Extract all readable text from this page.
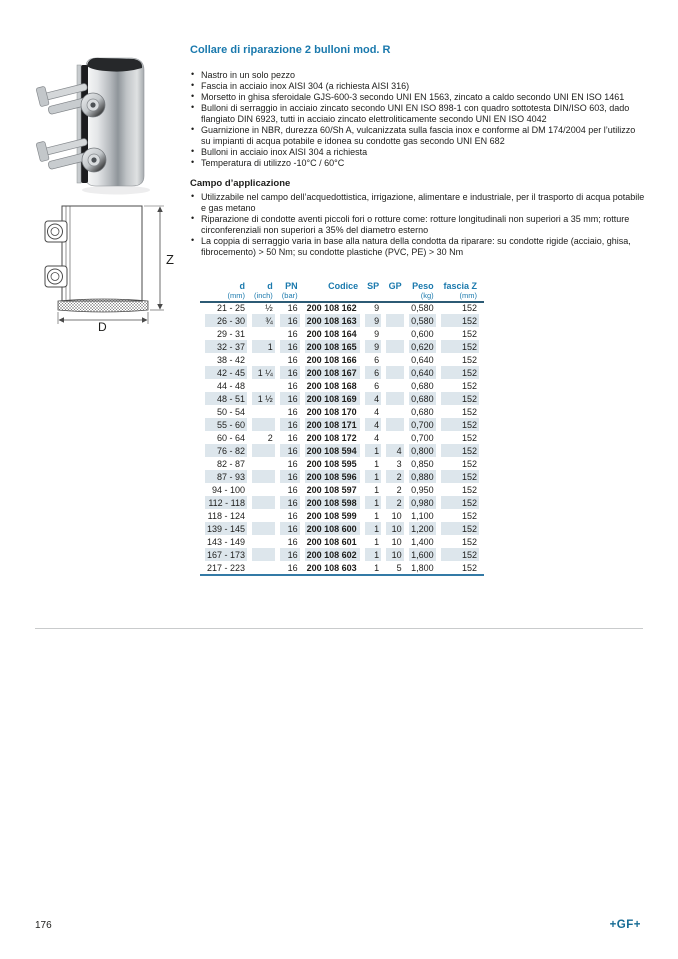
Z
D
Collare di riparazione 2 bulloni mod. R
• Nastro in un solo pezzo
• Fascia in acciaio inox AISI 304 (a richiesta AISI 316)
• Morsetto in ghisa sferoidale GJS-600-3 secondo UNI EN 1563, zincato a caldo secondo UNI EN ISO 1461
• Bulloni di serraggio in acciaio zincato secondo UNI EN ISO 898-1 con quadro sottotesta DIN/ISO 603, dado flangiato DIN 6923, tutti in acciaio zincato elettroliticamente secondo UNI EN ISO 4042
• Guarnizione in NBR, durezza 60/Sh A, vulcanizzata sulla fascia inox e conforme al DM 174/2004 per l’utilizzo su impianti di acqua potabile e idonea su condotte gas secondo UNI EN 682
• Bulloni in acciaio inox AISI 304 a richiesta
• Temperatura di utilizzo -10°C / 60°C
Campo d’applicazione
• Utilizzabile nel campo dell’acquedottistica, irrigazione, alimentare e industriale, per il trasporto di acqua potabile e gas metano
• Riparazione di condotte aventi piccoli fori o rotture come: rotture longitudinali non superiori a 35 mm; rotture circonferenziali non superiori a 35% del diametro esterno
• La coppia di serraggio varia in base alla natura della condotta da riparare: su condotte rigide (acciaio, ghisa, fibrocemento) > 50 Nm; su condotte plastiche (PVC, PE) > 30 Nm
d	d	PN	Codice	SP	GP	Peso	fascia Z
(mm)	(inch)	(bar)				(kg)	(mm)
21 - 25	½	16	200 108 162	9		0,580	152
26 - 30	¾	16	200 108 163	9		0,580	152
29 - 31		16	200 108 164	9		0,600	152
32 - 37	1	16	200 108 165	9		0,620	152
38 - 42		16	200 108 166	6		0,640	152
42 - 45	1 ¼	16	200 108 167	6		0,640	152
44 - 48		16	200 108 168	6		0,680	152
48 - 51	1 ½	16	200 108 169	4		0,680	152
50 - 54		16	200 108 170	4		0,680	152
55 - 60		16	200 108 171	4		0,700	152
60 - 64	2	16	200 108 172	4		0,700	152
76 - 82		16	200 108 594	1	4	0,800	152
82 - 87		16	200 108 595	1	3	0,850	152
87 - 93		16	200 108 596	1	2	0,880	152
94 - 100		16	200 108 597	1	2	0,950	152
112 - 118		16	200 108 598	1	2	0,980	152
118 - 124		16	200 108 599	1	10	1,100	152
139 - 145		16	200 108 600	1	10	1,200	152
143 - 149		16	200 108 601	1	10	1,400	152
167 - 173		16	200 108 602	1	10	1,600	152
217 - 223		16	200 108 603	1	5	1,800	152
176	+GF+
